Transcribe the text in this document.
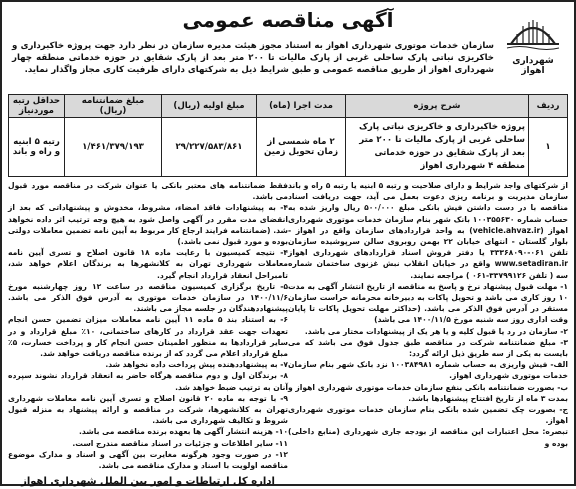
شهرداری اهواز
آگهی مناقصه عمومی
سازمان خدمات موتوری شهرداری اهواز به استناد مجوز هیئت مدیره سازمان در نظر دارد جهت پروژه خاکبرداری و خاکریزی نباتی پارک ساحلی غربی از پارک مالیات تا ۲۰۰ متر بعد از پارک شقایق در حوزه خدماتی منطقه چهار شهرداری اهواز از طریق مناقصه عمومی و طبق شرایط ذیل به شرکتهای دارای ظرفیت کاری مجاز واگذار نماید.
ردیف	شرح پروژه	مدت اجرا (ماه)	مبلغ اولیه (ریال)	مبلغ ضمانتنامه (ریال)	حداقل رتبه موردنیاز
۱	پروژه خاکبرداری و خاکریزی نباتی پارک ساحلی غربی از پارک مالیات تا ۲۰۰ متر بعد از پارک شقایق در حوزه خدماتی منطقه ۴ شهرداری اهواز	۲ ماه شمسی از زمان تحویل زمین	۲۹/۲۲۷/۵۸۳/۸۶۱	۱/۴۶۱/۳۷۹/۱۹۳	رتبه ۵ ابنیه و راه و باند

از شرکتهای واجد شرایط و دارای صلاحیت و رتبه ۵ ابنیه یا رتبه ۵ راه و باند سازمان مدیریت و برنامه ریزی دعوت بعمل می آید، جهت دریافت اسناد مناقصه با در دست داشتن فیش بانکی مبلغ ۵۰۰/۰۰۰ ریال واریز شده به حساب شماره ۱۰۰۳۵۵۶۳۰ بانک شهر بنام سازمان خدمات موتوری شهرداری اهواز (vehicle.ahvaz.ir) به واحد قراردادهای سازمان واقع در اهواز - بلوار گلستان - انتهای خیابان ۲۲ بهمن روبروی سالن سرپوشیده سازمان تلفن ۰۶۱-۳۳۳۶۸۰۹۰ یا دفتر فروش اسناد قراردادهای شهرداری اهواز www.setadiran.ir واقع در خیابان انقلاب نبش غزنوی ساختمان شماره سه ( تلفن ۳۳۷۹۹۱۲۶-۰۶۱ ) مراجعه نمایند.

۱- مهلت قبول پیشنهاد نرخ و پاسخ به مناقصه از تاریخ انتشار آگهی به مدت ۱۰ روز کاری می باشد و تحویل پاکات به دبیرخانه محرمانه حراست سازمان مستقر در آدرس فوق الذکر می باشد. (حداکثر مهلت تحویل پاکات تا پایان وقت اداری روز سه شنبه مورخ ۱۴۰۰/۱۱/۵ می باشد)

۲- سازمان در رد یا قبول کلیه و یا هر یک از پیشنهادات مختار می باشد.

۳- مبلغ ضمانتنامه شرکت در مناقصه طبق جدول فوق می باشد که می بایست به یکی از سه طریق ذیل ارائه گردد:

الف- فیش واریزی به حساب شماره ۱۰۰۳۸۴۹۸۱ نزد بانک شهر بنام سازمان خدمات موتوری شهرداری اهواز.

ب- بصورت ضمانتنامه بانکی بنفع سازمان خدمات موتوری شهرداری اهواز و بمدت ۳ ماه از تاریخ افتتاح پیشنهادها باشد.

ج- بصورت چک تضمین شده بانکی بنام سازمان خدمات موتوری شهرداری اهواز.

تبصره: محل اعتبارات این مناقصه از بودجه جاری شهرداری (منابع داخلی) بوده و

فقط ضمانتنامه های معتبر بانکی یا عنوان شرکت در مناقصه مورد قبول می باشد.

۴- به پیشنهادات فاقد امضاء، مشروط، مخدوش و پیشنهاداتی که بعد از انقضای مدت مقرر در آگهی واصل شود به هیچ وجه ترتیب اثر داده نخواهد شد. (ضمانتنامه فرایند ارجاع کار مربوط به آیین نامه تضمین معاملات دولتی بوده و مورد قبول نمی باشد.)

۴- نتیجه کمیسیون با رعایت ماده ۱۸ قانون اصلاح و تسری آیین نامه معاملات شهرداری تهران به کلانشهرها به برندگان اعلام خواهد شد، تامبراحل انعقاد قرارداد انجام گیرد.

۵- تاریخ برگزاری کمیسیون مناقصه در ساعت ۱۲ روز چهارشنبه مورخ ۱۴۰۰/۱۱/۶ در سازمان خدمات موتوری به آدرس فوق الذکر می باشد. پیشنهاددهندگان در جلسه مجاز می باشند.

۶- به استناد بند ۵ ماده ۱۱ آیین نامه معاملات میزان تضمین حسن انجام تعهدات جهت عقد قرارداد در کارهای ساختمانی، ۱۰٪ مبلغ قرارداد و در سایر قراردادها به منظور اطمینان حسن انجام کار و پرداخت خسارت، ۵٪ مبلغ قرارداد اعلام می گردد که از برنده مناقصه دریافت خواهد شد.

۷- به پیشنهاددهنده پیش پرداخت داده نخواهد شد.

۸- برندگان اول و دوم مناقصه هرگاه حاضر به انعقاد قرارداد نشوند سپرده آنان به ترتیب ضبط خواهد شد.

۹- با توجه به ماده ۲۰ قانون اصلاح و تسری آیین نامه معاملات شهرداری تهران به کلانشهرها، شرکت در مناقصه و ارائه پیشنهاد به منزله قبول شروط و تکالیف شهرداری می باشد.

۱۰- هزینه انتشار آگهی ها بعهده برنده مناقصه می باشد.

۱۱- سایر اطلاعات و جزئیات در اسناد مناقصه مندرج است.

۱۲- در صورت وجود هرگونه مغایرت بین آگهی و اسناد و مدارک موضوع مناقصه اولویت با اسناد و مدارک مناقصه می باشد.

اداره کل ارتباطات و امور بین الملل شهرداری اهواز
